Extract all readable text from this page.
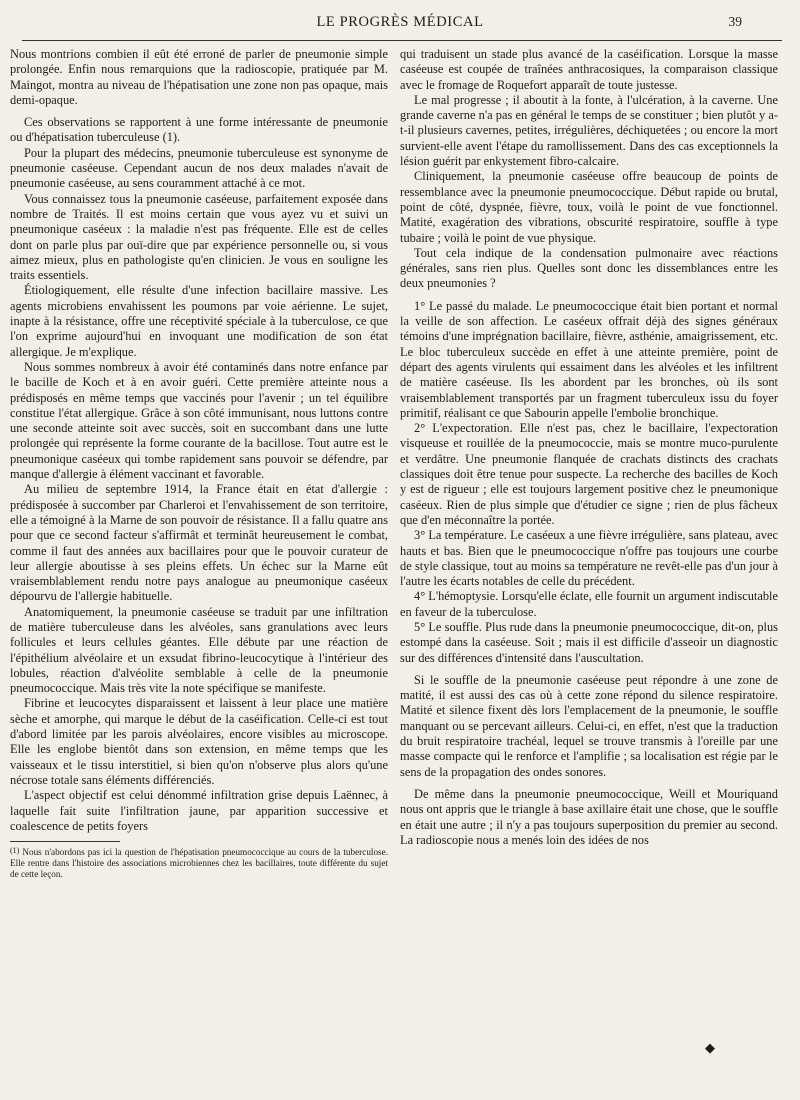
LE PROGRÈS MÉDICAL	39

Nous montrions combien il eût été erroné de parler de pneumonie simple prolongée. Enfin nous remarquions que la radioscopie, pratiquée par M. Maingot, montra au niveau de l'hépatisation une zone non pas opaque, mais demi-opaque.

Ces observations se rapportent à une forme intéressante de pneumonie ou d'hépatisation tuberculeuse (1).

Pour la plupart des médecins, pneumonie tuberculeuse est synonyme de pneumonie caséeuse. Cependant aucun de nos deux malades n'avait de pneumonie caséeuse, au sens couramment attaché à ce mot.

Vous connaissez tous la pneumonie caséeuse, parfaitement exposée dans nombre de Traités. Il est moins certain que vous ayez vu et suivi un pneumonique caséeux : la maladie n'est pas fréquente. Elle est de celles dont on parle plus par ouï-dire que par expérience personnelle ou, si vous aimez mieux, plus en pathologiste qu'en clinicien. Je vous en souligne les traits essentiels.

Étiologiquement, elle résulte d'une infection bacillaire massive. Les agents microbiens envahissent les poumons par voie aérienne. Le sujet, inapte à la résistance, offre une réceptivité spéciale à la tuberculose, ce que l'on exprime aujourd'hui en invoquant une modification de son état allergique. Je m'explique.

Nous sommes nombreux à avoir été contaminés dans notre enfance par le bacille de Koch et à en avoir guéri. Cette première atteinte nous a prédisposés en même temps que vaccinés pour l'avenir ; un tel équilibre constitue l'état allergique. Grâce à son côté immunisant, nous luttons contre une seconde atteinte soit avec succès, soit en succombant dans une lutte prolongée qui représente la forme courante de la bacillose. Tout autre est le pneumonique caséeux qui tombe rapidement sans pouvoir se défendre, par manque d'allergie à élément vaccinant et favorable.

Au milieu de septembre 1914, la France était en état d'allergie : prédisposée à succomber par Charleroi et l'envahissement de son territoire, elle a témoigné à la Marne de son pouvoir de résistance. Il a fallu quatre ans pour que ce second facteur s'affirmât et terminât heureusement le combat, comme il faut des années aux bacillaires pour que le pouvoir curateur de leur allergie aboutisse à ses pleins effets. Un échec sur la Marne eût vraisemblablement rendu notre pays analogue au pneumonique caséeux dépourvu de l'allergie habituelle.

Anatomiquement, la pneumonie caséeuse se traduit par une infiltration de matière tuberculeuse dans les alvéoles, sans granulations avec leurs follicules et leurs cellules géantes. Elle débute par une réaction de l'épithélium alvéolaire et un exsudat fibrino-leucocytique à l'intérieur des lobules, réaction d'alvéolite semblable à celle de la pneumonie pneumococcique. Mais très vite la note spécifique se manifeste.

Fibrine et leucocytes disparaissent et laissent à leur place une matière sèche et amorphe, qui marque le début de la caséification. Celle-ci est tout d'abord limitée par les parois alvéolaires, encore visibles au microscope. Elle les englobe bientôt dans son extension, en même temps que les vaisseaux et le tissu interstitiel, si bien qu'on n'observe plus alors qu'une nécrose totale sans éléments différenciés.

L'aspect objectif est celui dénommé infiltration grise depuis Laënnec, à laquelle fait suite l'infiltration jaune, par apparition successive et coalescence de petits foyers

(1) Nous n'abordons pas ici la question de l'hépatisation pneumococcique au cours de la tuberculose. Elle rentre dans l'histoire des associations microbiennes chez les bacillaires, toute différente du sujet de cette leçon.

qui traduisent un stade plus avancé de la caséification. Lorsque la masse caséeuse est coupée de traînées anthracosiques, la comparaison classique avec le fromage de Roquefort apparaît de toute justesse.

Le mal progresse ; il aboutit à la fonte, à l'ulcération, à la caverne. Une grande caverne n'a pas en général le temps de se constituer ; bien plutôt y a-t-il plusieurs cavernes, petites, irrégulières, déchiquetées ; ou encore la mort survient-elle avent l'étape du ramollissement. Dans des cas exceptionnels la lésion guérit par enkystement fibro-calcaire.

Cliniquement, la pneumonie caséeuse offre beaucoup de points de ressemblance avec la pneumonie pneumococcique. Début rapide ou brutal, point de côté, dyspnée, fièvre, toux, voilà le point de vue fonctionnel. Matité, exagération des vibrations, obscurité respiratoire, souffle à type tubaire ; voilà le point de vue physique.

Tout cela indique de la condensation pulmonaire avec réactions générales, sans rien plus. Quelles sont donc les dissemblances entre les deux pneumonies ?

1° Le passé du malade. Le pneumococcique était bien portant et normal la veille de son affection. Le caséeux offrait déjà des signes généraux témoins d'une imprégnation bacillaire, fièvre, asthénie, amaigrissement, etc. Le bloc tuberculeux succède en effet à une atteinte première, point de départ des agents virulents qui essaiment dans les alvéoles et les infiltrent de matière caséeuse. Ils les abordent par les bronches, où ils sont vraisemblablement transportés par un fragment tuberculeux issu du foyer primitif, réalisant ce que Sabourin appelle l'embolie bronchique.

2° L'expectoration. Elle n'est pas, chez le bacillaire, l'expectoration visqueuse et rouillée de la pneumococcie, mais se montre muco-purulente et verdâtre. Une pneumonie flanquée de crachats distincts des crachats classiques doit être tenue pour suspecte. La recherche des bacilles de Koch y est de rigueur ; elle est toujours largement positive chez le pneumonique caséeux. Rien de plus simple que d'étudier ce signe ; rien de plus fâcheux que d'en méconnaître la portée.

3° La température. Le caséeux a une fièvre irrégulière, sans plateau, avec hauts et bas. Bien que le pneumococcique n'offre pas toujours une courbe de style classique, tout au moins sa température ne revêt-elle pas d'un jour à l'autre les écarts notables de celle du précédent.

4° L'hémoptysie. Lorsqu'elle éclate, elle fournit un argument indiscutable en faveur de la tuberculose.

5° Le souffle. Plus rude dans la pneumonie pneumococcique, dit-on, plus estompé dans la caséeuse. Soit ; mais il est difficile d'asseoir un diagnostic sur des différences d'intensité dans l'auscultation.

Si le souffle de la pneumonie caséeuse peut répondre à une zone de matité, il est aussi des cas où à cette zone répond du silence respiratoire. Matité et silence fixent dès lors l'emplacement de la pneumonie, le souffle manquant ou se percevant ailleurs. Celui-ci, en effet, n'est que la traduction du bruit respiratoire trachéal, lequel se trouve transmis à l'oreille par une masse compacte qui le renforce et l'amplifie ; sa localisation est régie par le sens de la propagation des ondes sonores.

De même dans la pneumonie pneumococcique, Weill et Mouriquand nous ont appris que le triangle à base axillaire était une chose, que le souffle en était une autre ; il n'y a pas toujours superposition du premier au second. La radioscopie nous a menés loin des idées de nos

◆
